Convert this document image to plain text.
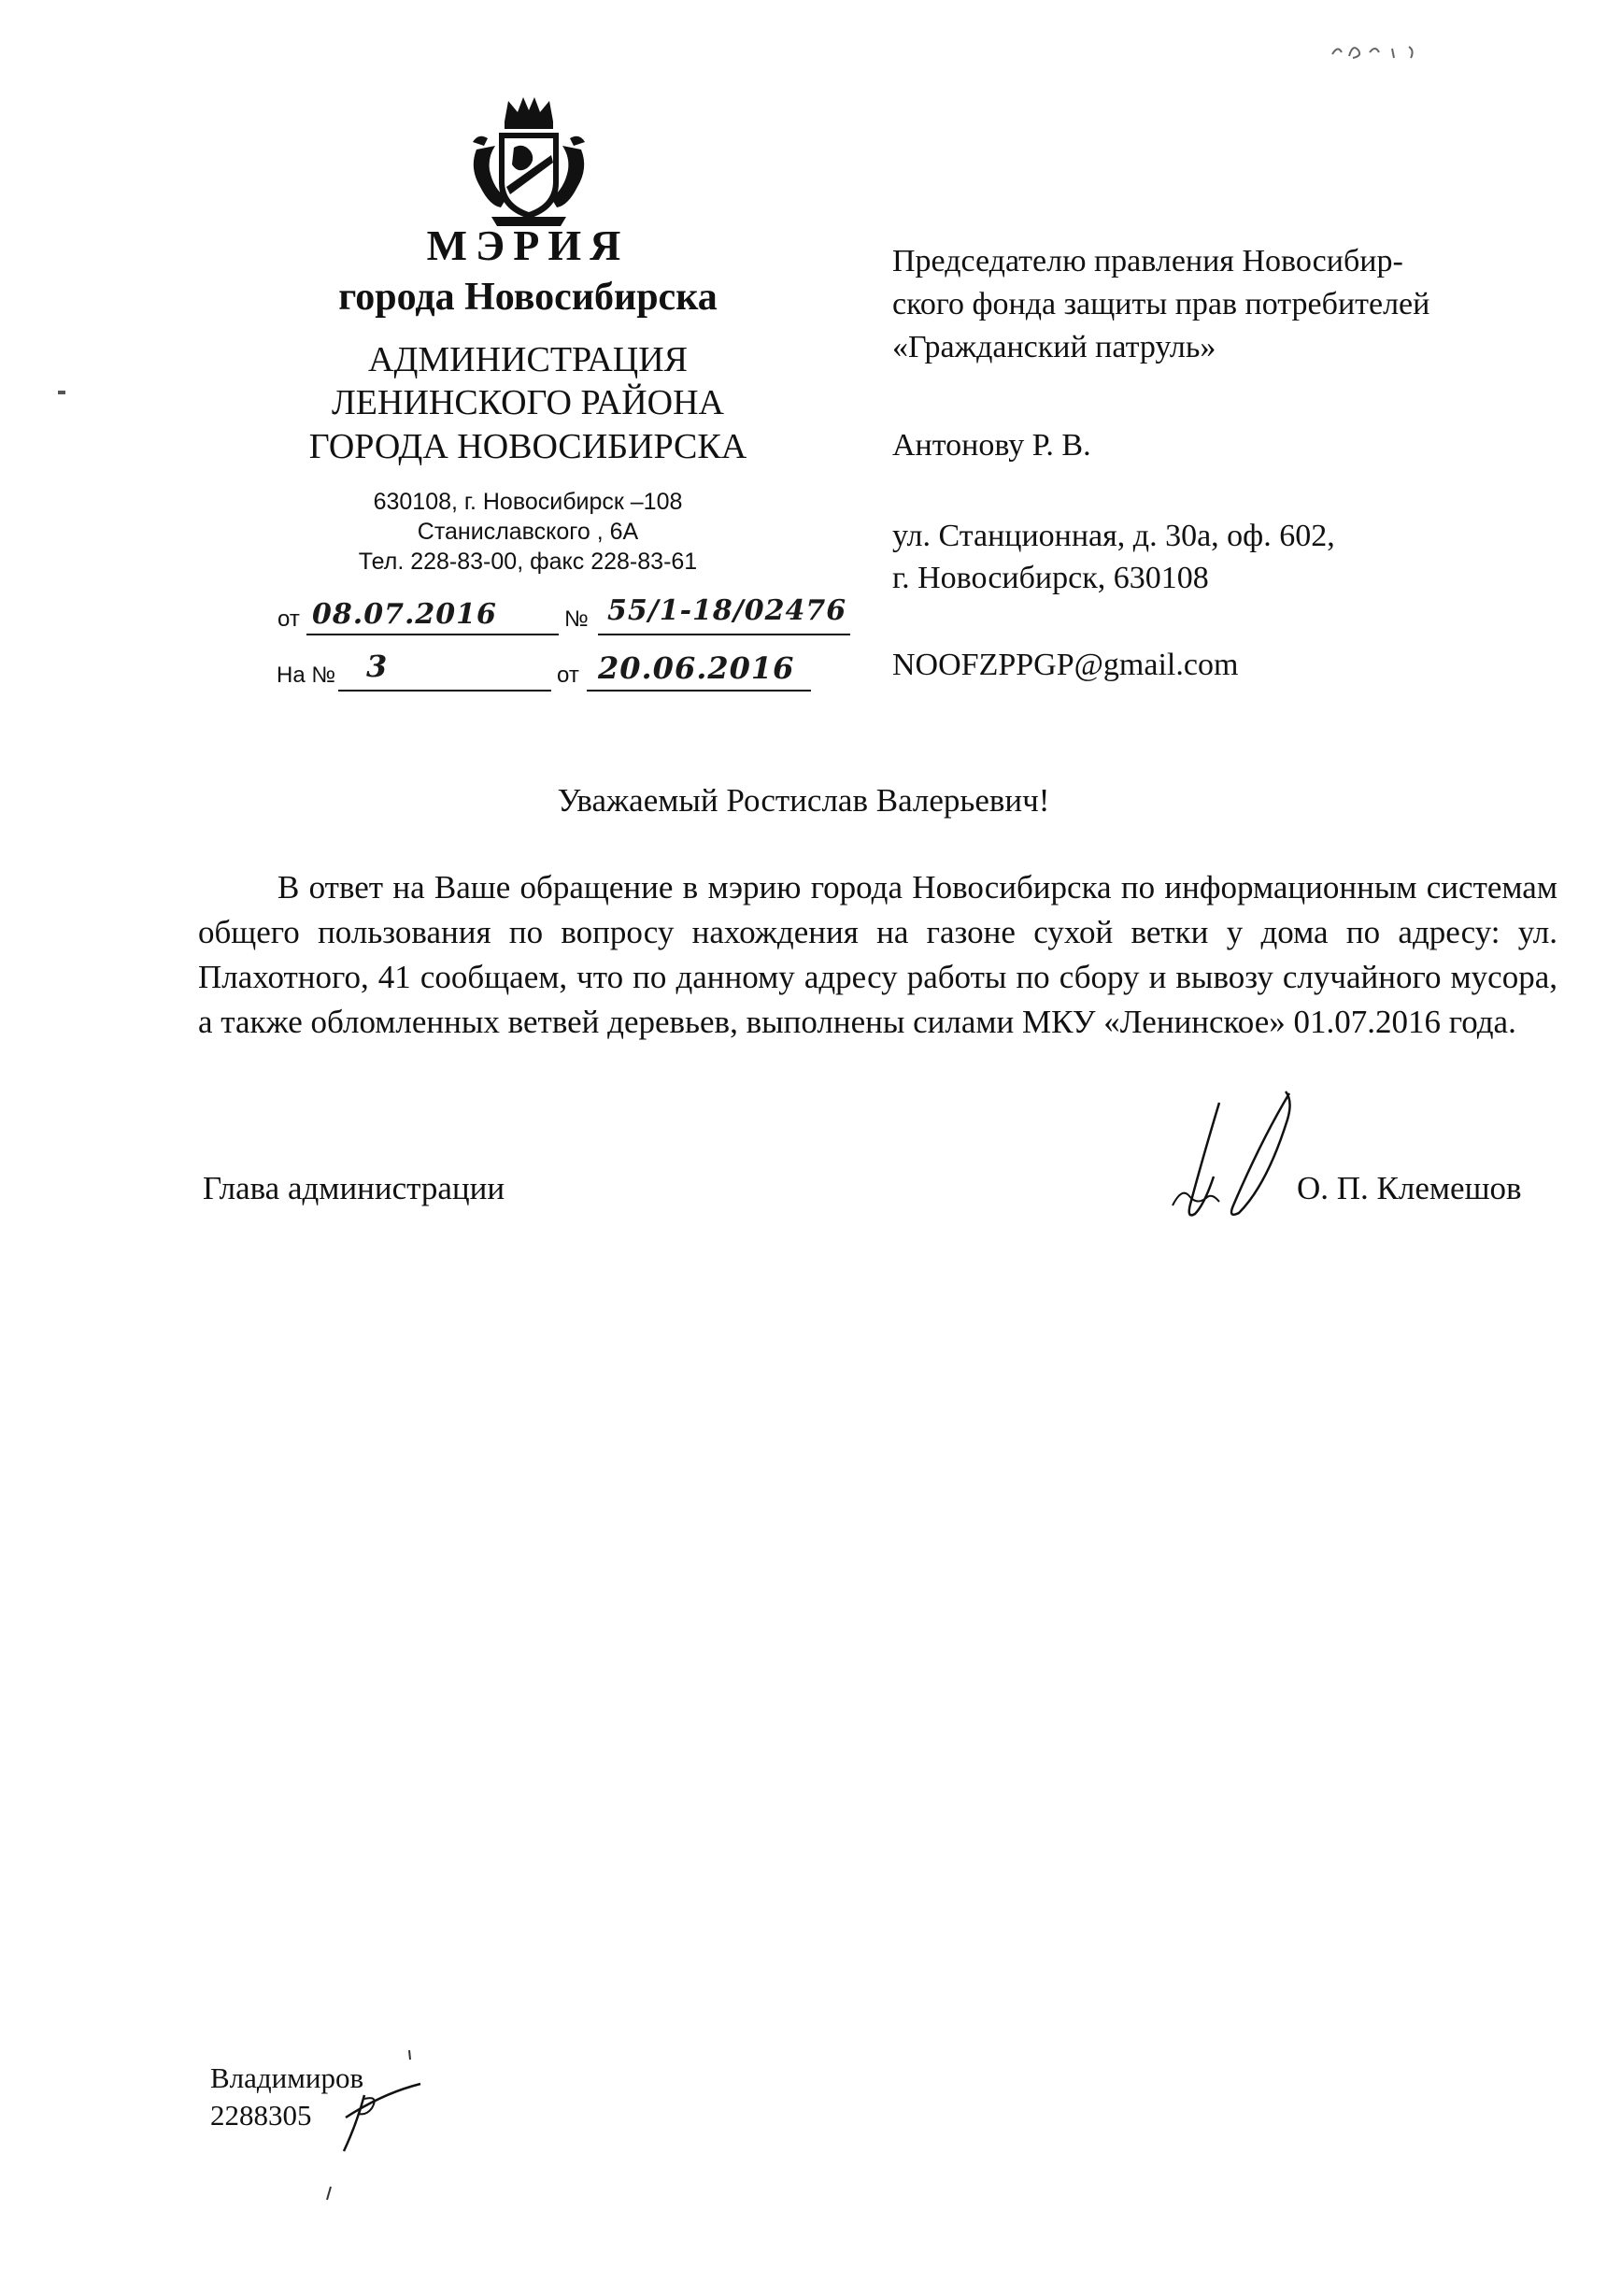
МЭРИЯ
города Новосибирска
АДМИНИСТРАЦИЯ
ЛЕНИНСКОГО РАЙОНА
ГОРОДА НОВОСИБИРСКА
630108, г. Новосибирск –108
Станиславского , 6А
Тел. 228-83-00, факс 228-83-61
от 08.07.2016	№ 55/1-18/02476
На № 3	от 20.06.2016
Председателю правления Новосибир-
ского фонда защиты прав потребителей
«Гражданский патруль»
Антонову Р. В.
ул. Станционная, д. 30а, оф. 602,
г. Новосибирск, 630108
NOOFZPPGP@gmail.com
Уважаемый Ростислав Валерьевич!
В ответ на Ваше обращение в мэрию города Новосибирска по информационным системам общего пользования по вопросу нахождения на газоне сухой ветки у дома по адресу: ул. Плахотного, 41 сообщаем, что по данному адресу работы по сбору и вывозу случайного мусора, а также обломленных ветвей деревьев, выполнены силами МКУ «Ленинское» 01.07.2016 года.
Глава администрации	О. П. Клемешов
Владимиров
2288305
